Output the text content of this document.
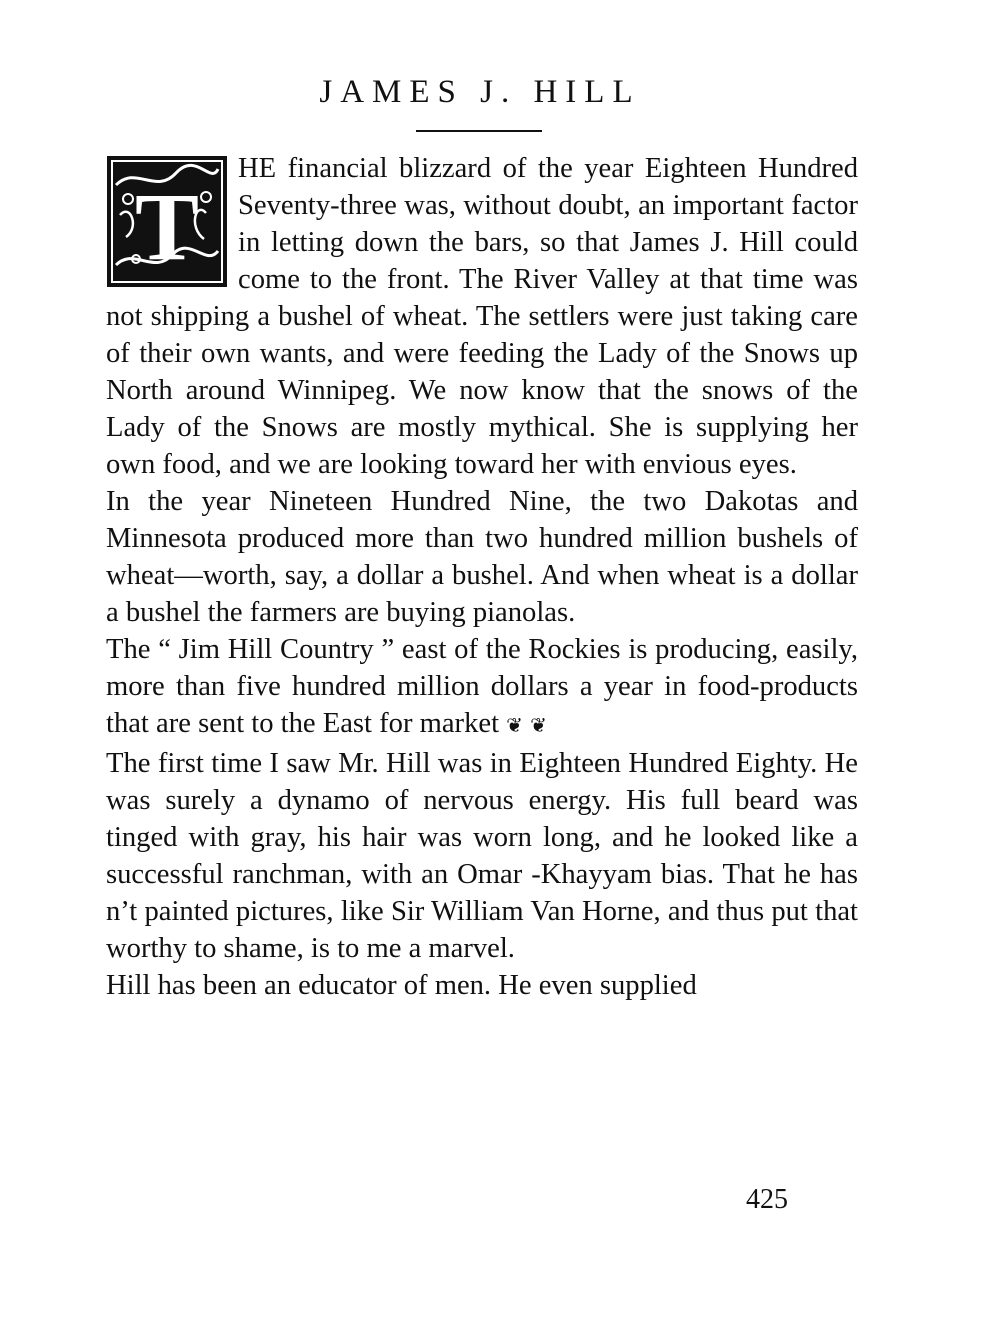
JAMES J. HILL

T
HE financial blizzard of the year Eighteen Hundred Seventy-three was, without doubt, an important factor in letting down the bars, so that James J. Hill could come to the front. The River Valley at that time was not shipping a bushel of wheat. The settlers were just taking care of their own wants, and were feeding the Lady of the Snows up North around Winnipeg. We now know that the snows of the Lady of the Snows are mostly mythical. She is supplying her own food, and we are looking toward her with envious eyes.

In the year Nineteen Hundred Nine, the two Dakotas and Minnesota produced more than two hundred million bushels of wheat—worth, say, a dollar a bushel. And when wheat is a dollar a bushel the farmers are buying pianolas.

The “ Jim Hill Country ” east of the Rockies is producing, easily, more than five hundred million dollars a year in food-products that are sent to the East for market ❦ ❦

The first time I saw Mr. Hill was in Eighteen Hundred Eighty. He was surely a dynamo of nervous energy. His full beard was tinged with gray, his hair was worn long, and he looked like a successful ranchman, with an Omar -Khayyam bias. That he has n’t painted pictures, like Sir William Van Horne, and thus put that worthy to shame, is to me a marvel.

Hill has been an educator of men. He even supplied

425
